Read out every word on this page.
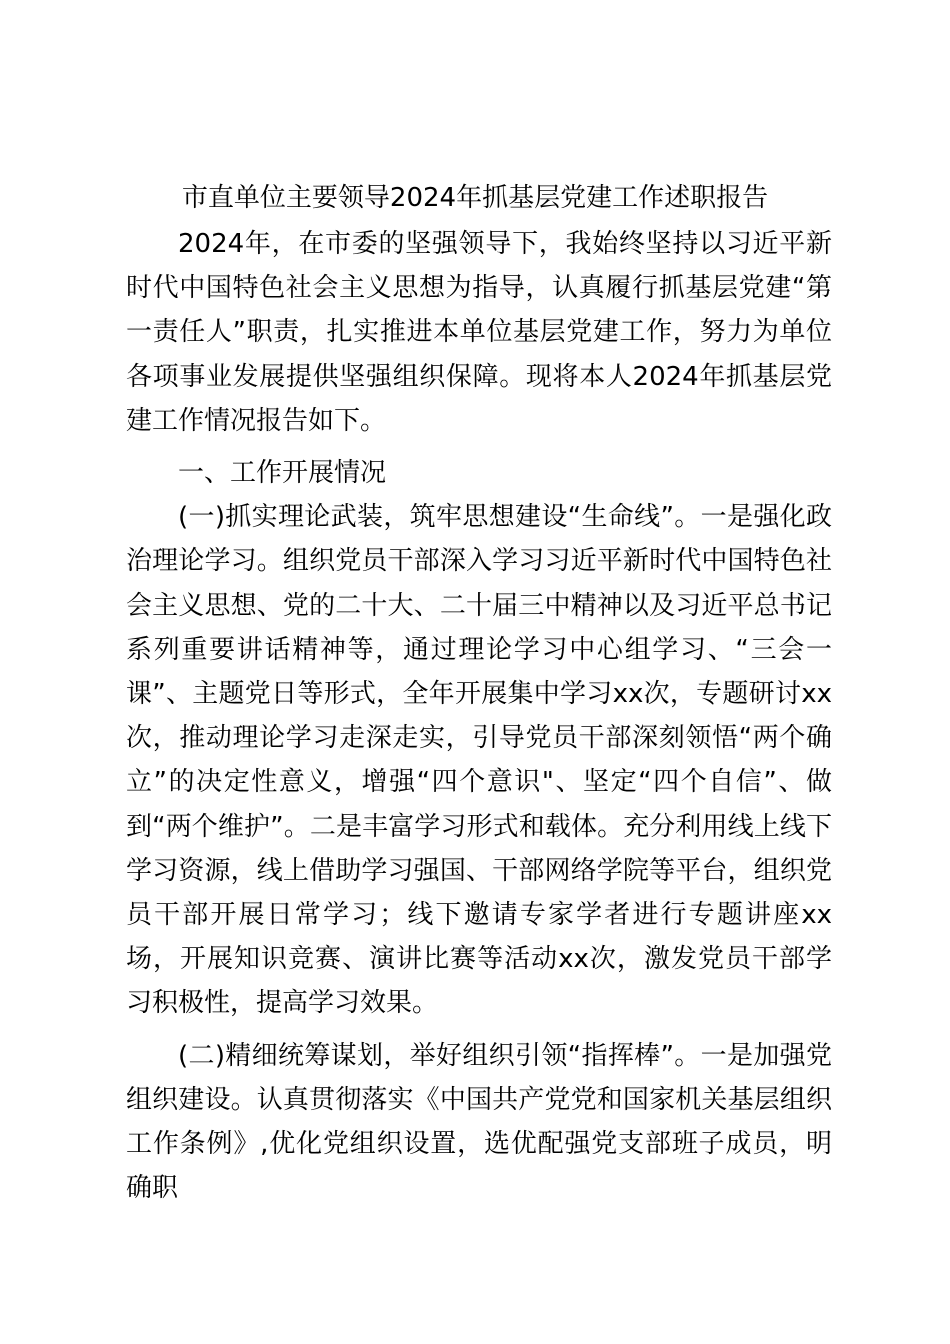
市直单位主要领导2024年抓基层党建工作述职报告

2024年，在市委的坚强领导下，我始终坚持以习近平新时代中国特色社会主义思想为指导，认真履行抓基层党建“第一责任人”职责，扎实推进本单位基层党建工作，努力为单位各项事业发展提供坚强组织保障。现将本人2024年抓基层党建工作情况报告如下。

一、工作开展情况

(一)抓实理论武装，筑牢思想建设“生命线”。一是强化政治理论学习。组织党员干部深入学习习近平新时代中国特色社会主义思想、党的二十大、二十届三中精神以及习近平总书记系列重要讲话精神等，通过理论学习中心组学习、“三会一课”、主题党日等形式，全年开展集中学习xx次，专题研讨xx次，推动理论学习走深走实，引导党员干部深刻领悟“两个确立”的决定性意义，增强“四个意识"、坚定“四个自信”、做到“两个维护”。二是丰富学习形式和载体。充分利用线上线下学习资源，线上借助学习强国、干部网络学院等平台，组织党员干部开展日常学习；线下邀请专家学者进行专题讲座xx场，开展知识竞赛、演讲比赛等活动xx次，激发党员干部学习积极性，提高学习效果。

(二)精细统筹谋划，举好组织引领“指挥棒”。一是加强党组织建设。认真贯彻落实《中国共产党党和国家机关基层组织工作条例》,优化党组织设置，选优配强党支部班子成员，明确职
